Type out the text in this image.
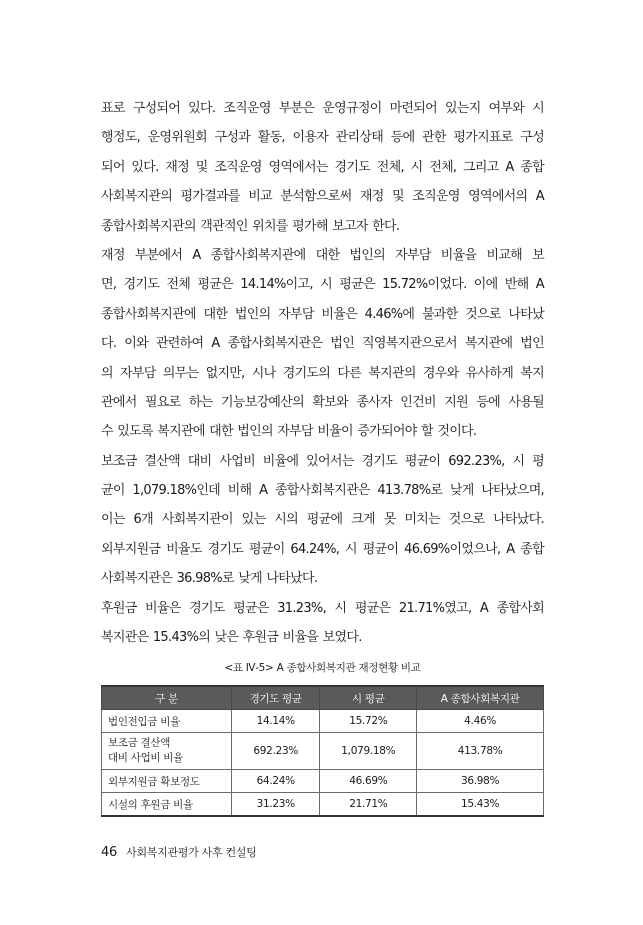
표로 구성되어 있다. 조직운영 부분은 운영규정이 마련되어 있는지 여부와 시
행정도, 운영위원회 구성과 활동, 이용자 관리상태 등에 관한 평가지표로 구성
되어 있다. 재정 및 조직운영 영역에서는 경기도 전체, 시 전체, 그리고 A 종합
사회복지관의 평가결과를 비교 분석함으로써 재정 및 조직운영 영역에서의 A
종합사회복지관의 객관적인 위치를 평가해 보고자 한다.
재정 부분에서 A 종합사회복지관에 대한 법인의 자부담 비율을 비교해 보
면, 경기도 전체 평균은 14.14%이고, 시 평균은 15.72%이었다. 이에 반해 A
종합사회복지관에 대한 법인의 자부담 비율은 4.46%에 불과한 것으로 나타났
다. 이와 관련하여 A 종합사회복지관은 법인 직영복지관으로서 복지관에 법인
의 자부담 의무는 없지만, 시나 경기도의 다른 복지관의 경우와 유사하게 복지
관에서 필요로 하는 기능보강예산의 확보와 종사자 인건비 지원 등에 사용될
수 있도록 복지관에 대한 법인의 자부담 비율이 증가되어야 할 것이다.
보조금 결산액 대비 사업비 비율에 있어서는 경기도 평균이 692.23%, 시 평
균이 1,079.18%인데 비해 A 종합사회복지관은 413.78%로 낮게 나타났으며,
이는 6개 사회복지관이 있는 시의 평균에 크게 못 미치는 것으로 나타났다.
외부지원금 비율도 경기도 평균이 64.24%, 시 평균이 46.69%이었으나, A 종합
사회복지관은 36.98%로 낮게 나타났다.
후원금 비율은 경기도 평균은 31.23%, 시 평균은 21.71%였고, A 종합사회
복지관은 15.43%의 낮은 후원금 비율을 보였다.
<표 Ⅳ-5> A 종합사회복지관 재정현황 비교
구 분	경기도 평균	시 평균	A 종합사회복지관
법인전입금 비율	14.14%	15.72%	4.46%

보조금 결산액
대비 사업비 비율	692.23%	1,079.18%	413.78%
외부지원금 확보정도	64.24%	46.69%	36.98%
시설의 후원금 비율	31.23%	21.71%	15.43%
46 사회복지관평가 사후 컨설팅
